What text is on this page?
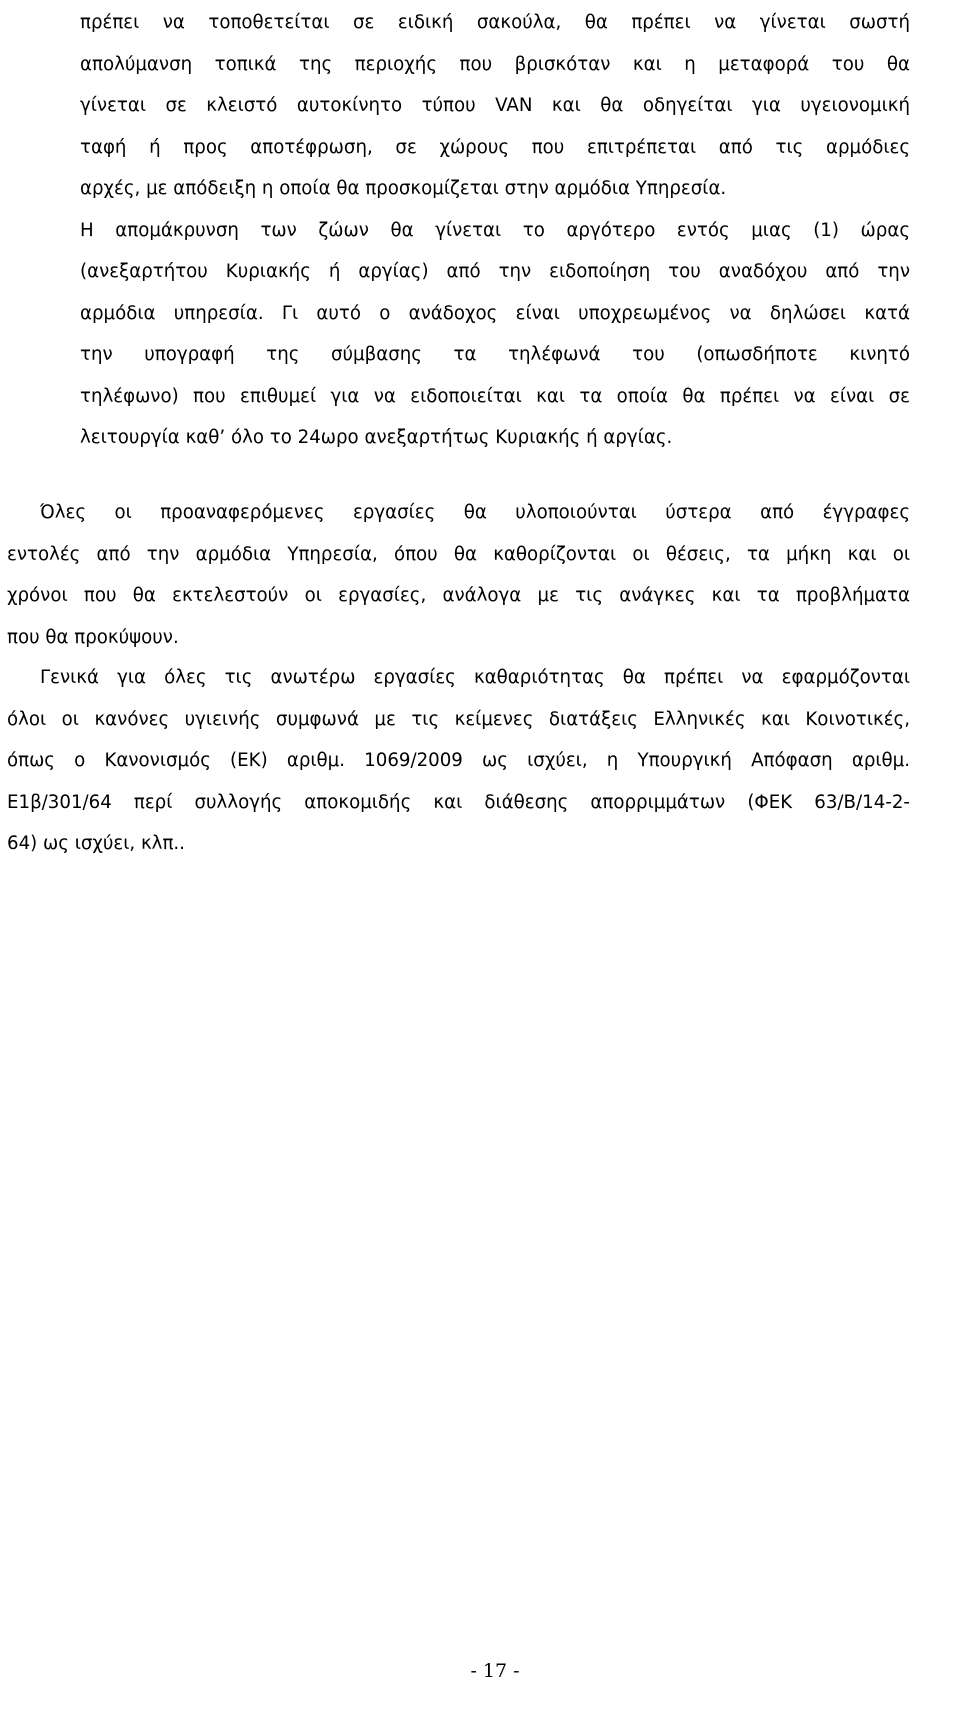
πρέπει να τοποθετείται σε ειδική σακούλα, θα πρέπει να γίνεται σωστή
απολύμανση τοπικά της περιοχής που βρισκόταν και η μεταφορά του θα
γίνεται σε κλειστό αυτοκίνητο τύπου VAN και θα οδηγείται για υγειονομική
ταφή ή προς αποτέφρωση, σε χώρους που επιτρέπεται από τις αρμόδιες
αρχές, με απόδειξη η οποία θα προσκομίζεται στην αρμόδια Υπηρεσία.
Η απομάκρυνση των ζώων θα γίνεται το αργότερο εντός μιας (1) ώρας
(ανεξαρτήτου Κυριακής ή αργίας) από την ειδοποίηση του αναδόχου από την
αρμόδια υπηρεσία. Γι αυτό ο ανάδοχος είναι υποχρεωμένος να δηλώσει κατά
την υπογραφή της σύμβασης τα τηλέφωνά του (οπωσδήποτε κινητό
τηλέφωνο) που επιθυμεί για να ειδοποιείται και τα οποία θα πρέπει να είναι σε
λειτουργία καθ’ όλο το 24ωρο ανεξαρτήτως Κυριακής ή αργίας.
Όλες οι προαναφερόμενες εργασίες θα υλοποιούνται ύστερα από έγγραφες
εντολές από την αρμόδια Υπηρεσία, όπου θα καθορίζονται οι θέσεις, τα μήκη και οι
χρόνοι που θα εκτελεστούν οι εργασίες, ανάλογα με τις ανάγκες και τα προβλήματα
που θα προκύψουν.
Γενικά για όλες τις ανωτέρω εργασίες καθαριότητας θα πρέπει να εφαρμόζονται
όλοι οι κανόνες υγιεινής συμφωνά με τις κείμενες διατάξεις Ελληνικές και Κοινοτικές,
όπως ο Κανονισμός (ΕΚ) αριθμ. 1069/2009 ως ισχύει, η Υπουργική Απόφαση αριθμ.
Ε1β/301/64 περί συλλογής αποκομιδής και διάθεσης απορριμμάτων (ΦΕΚ 63/Β/14-2-
64) ως ισχύει, κλπ..
- 17 -
